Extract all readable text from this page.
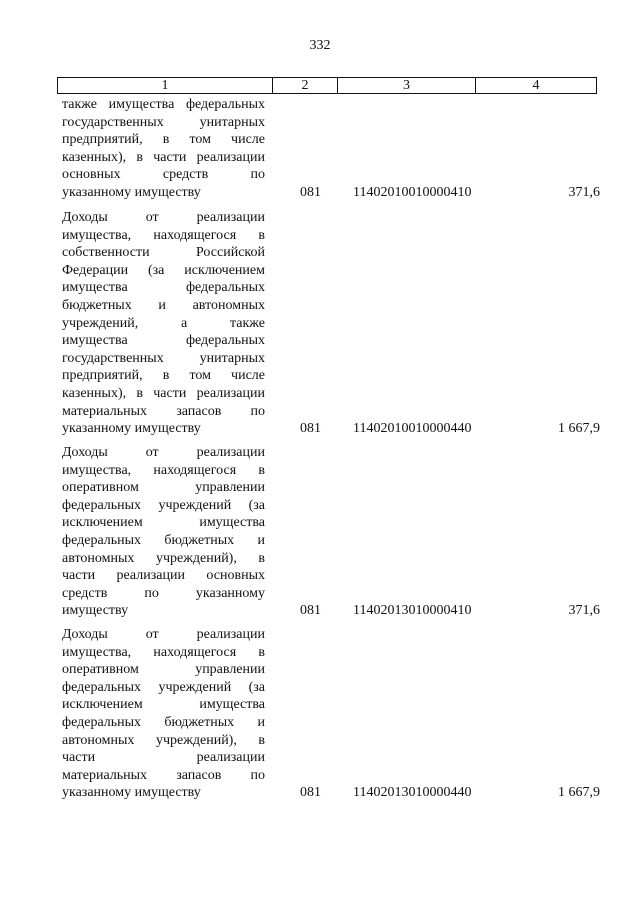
332
1	2	3	4
также имущества федеральных
государственных унитарных
предприятий, в том числе
казенных), в части реализации
основных средств по
указанному имуществу	081 11402010010000410	371,6
Доходы от реализации
имущества, находящегося в
собственности Российской
Федерации (за исключением
имущества федеральных
бюджетных и автономных
учреждений, а также
имущества федеральных
государственных унитарных
предприятий, в том числе
казенных), в части реализации
материальных запасов по
указанному имуществу	081 11402010010000440	1 667,9
Доходы от реализации
имущества, находящегося в
оперативном управлении
федеральных учреждений (за
исключением имущества
федеральных бюджетных и
автономных учреждений), в
части реализации основных
средств по указанному
имуществу	081 11402013010000410	371,6
Доходы от реализации
имущества, находящегося в
оперативном управлении
федеральных учреждений (за
исключением имущества
федеральных бюджетных и
автономных учреждений), в
части реализации
материальных запасов по
указанному имуществу	081 11402013010000440	1 667,9
